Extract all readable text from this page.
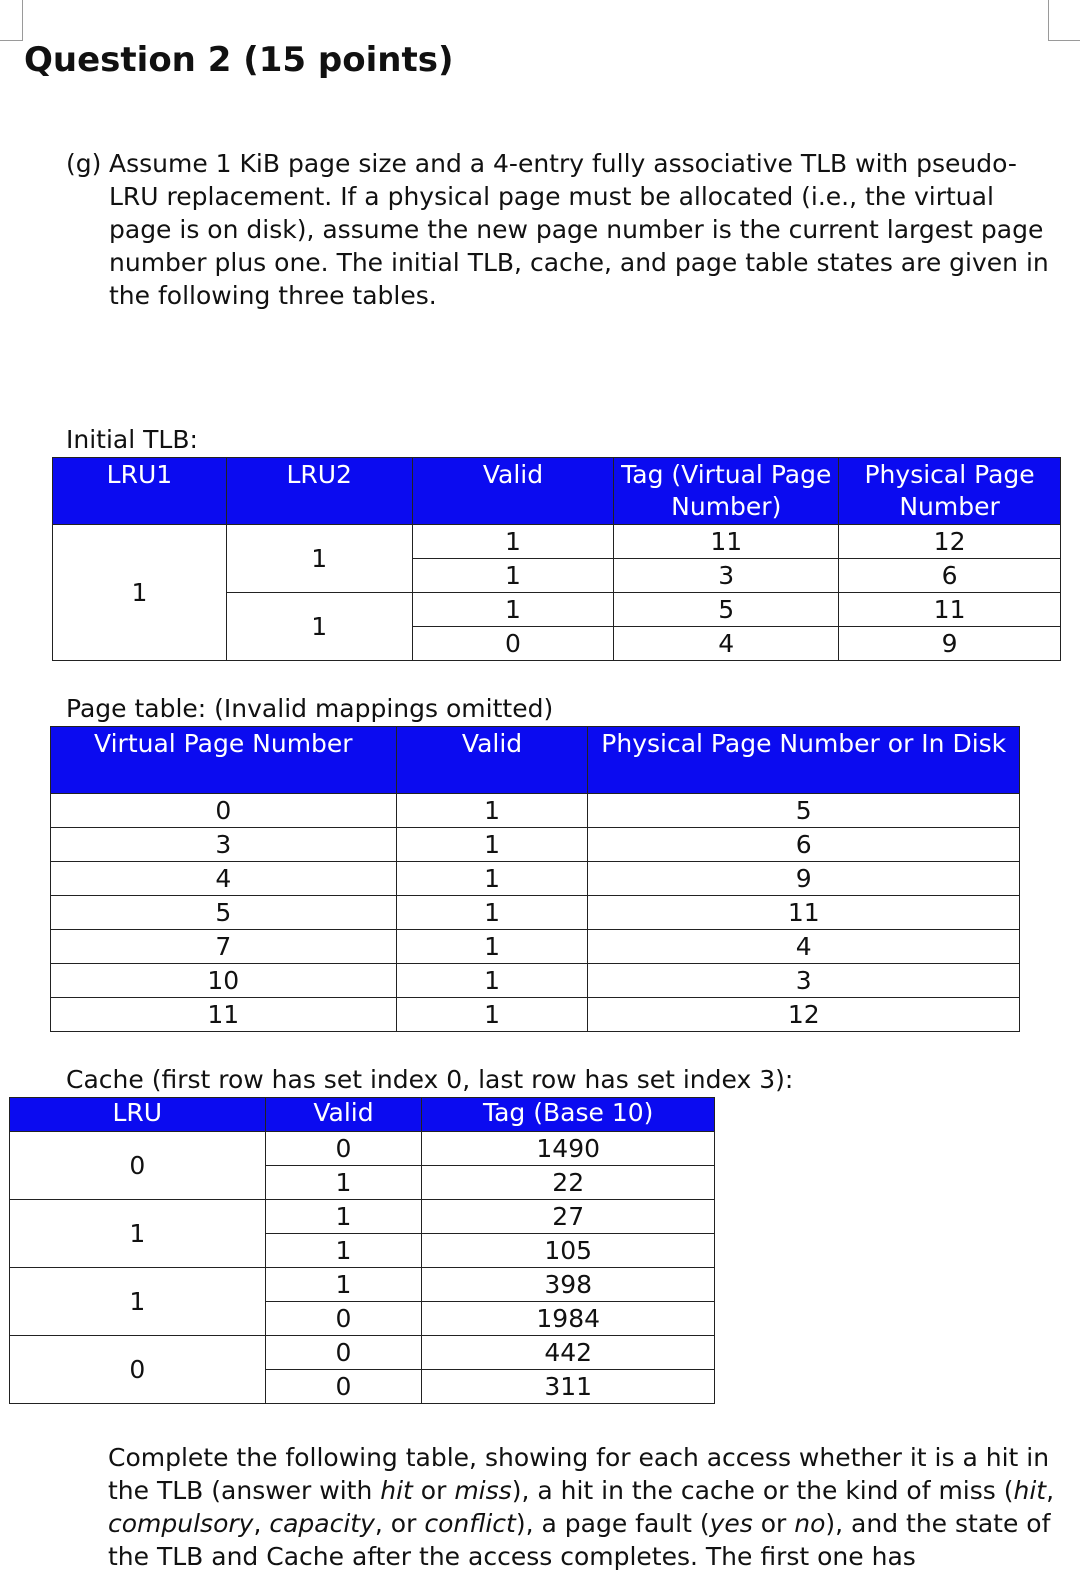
Question 2 (15 points)
(g) Assume 1 KiB page size and a 4-entry fully associative TLB with pseudo-LRU replacement. If a physical page must be allocated (i.e., the virtual page is on disk), assume the new page number is the current largest page number plus one. The initial TLB, cache, and page table states are given in the following three tables.
Initial TLB:
LRU1	LRU2	Valid	Tag (Virtual Page Number)	Physical Page Number
1	1	1	11	12
		1	3	6
	1	1	5	11
		0	4	9
Page table: (Invalid mappings omitted)
Virtual Page Number	Valid	Physical Page Number or In Disk
0	1	5
3	1	6
4	1	9
5	1	11
7	1	4
10	1	3
11	1	12
Cache (first row has set index 0, last row has set index 3):
LRU	Valid	Tag (Base 10)
0	0	1490
	1	22
1	1	27
	1	105
1	1	398
	0	1984
0	0	442
	0	311
Complete the following table, showing for each access whether it is a hit in the TLB (answer with hit or miss), a hit in the cache or the kind of miss (hit, compulsory, capacity, or conflict), a page fault (yes or no), and the state of the TLB and Cache after the access completes. The first one has
